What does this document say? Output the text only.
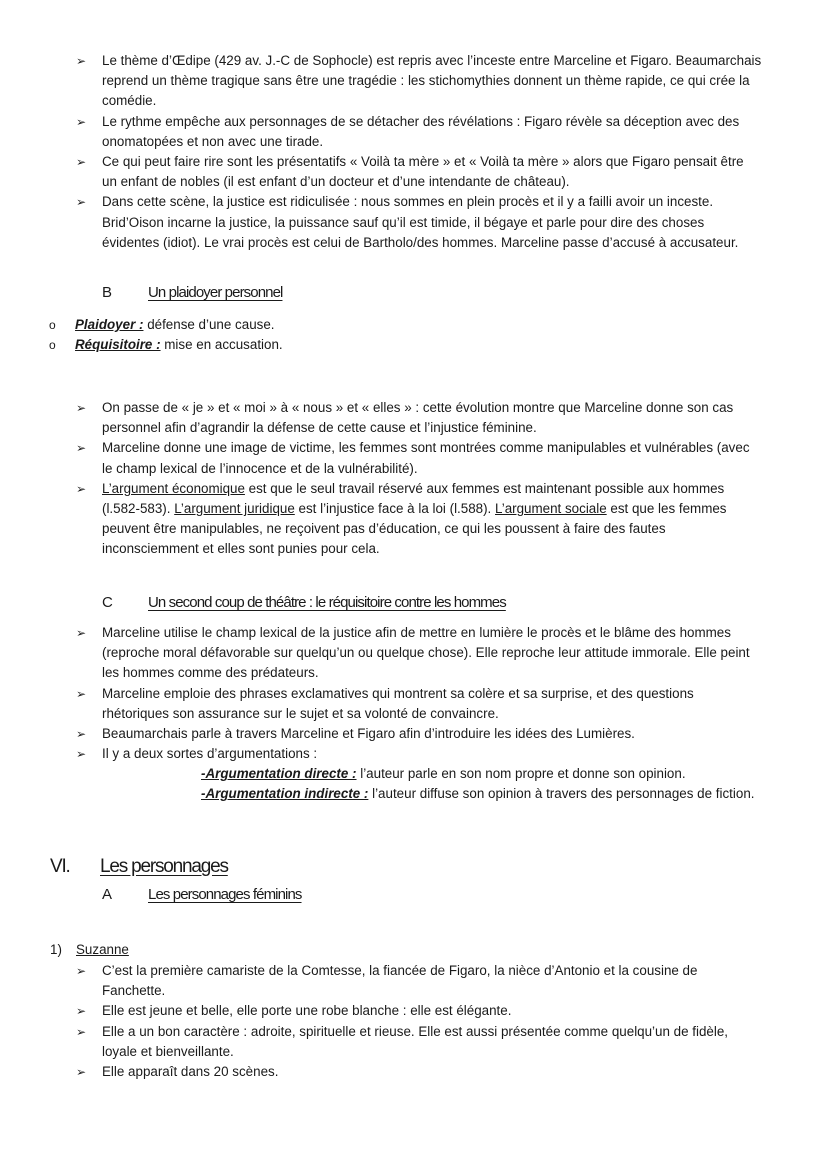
➢
Le thème d’Œdipe (429 av. J.-C de Sophocle) est repris avec l’inceste entre Marceline et Figaro. Beaumarchais reprend un thème tragique sans être une tragédie : les stichomythies donnent un thème rapide, ce qui crée la comédie.
➢
Le rythme empêche aux personnages de se détacher des révélations : Figaro révèle sa déception avec des onomatopées et non avec une tirade.
➢
Ce qui peut faire rire sont les présentatifs « Voilà ta mère » et « Voilà ta mère » alors que Figaro pensait être un enfant de nobles (il est enfant d’un docteur et d’une intendante de château).
➢
Dans cette scène, la justice est ridiculisée : nous sommes en plein procès et il y a failli avoir un inceste. Brid’Oison incarne la justice, la puissance sauf qu’il est timide, il bégaye et parle pour dire des choses évidentes (idiot). Le vrai procès est celui de Bartholo/des hommes. Marceline passe d’accusé à accusateur.
B Un plaidoyer personnel
o
Plaidoyer : défense d’une cause.
o
Réquisitoire : mise en accusation.
➢
On passe de « je » et « moi » à « nous » et « elles » : cette évolution montre que Marceline donne son cas personnel afin d’agrandir la défense de cette cause et l’injustice féminine.
➢
Marceline donne une image de victime, les femmes sont montrées comme manipulables et vulnérables (avec le champ lexical de l’innocence et de la vulnérabilité).
➢
L’argument économique est que le seul travail réservé aux femmes est maintenant possible aux hommes (l.582-583). L’argument juridique est l’injustice face à la loi (l.588). L’argument sociale est que les femmes peuvent être manipulables, ne reçoivent pas d’éducation, ce qui les poussent à faire des fautes inconsciemment et elles sont punies pour cela.
C Un second coup de théâtre : le réquisitoire contre les hommes
➢
Marceline utilise le champ lexical de la justice afin de mettre en lumière le procès et le blâme des hommes (reproche moral défavorable sur quelqu’un ou quelque chose). Elle reproche leur attitude immorale. Elle peint les hommes comme des prédateurs.
➢
Marceline emploie des phrases exclamatives qui montrent sa colère et sa surprise, et des questions rhétoriques son assurance sur le sujet et sa volonté de convaincre.
➢
Beaumarchais parle à travers Marceline et Figaro afin d’introduire les idées des Lumières.
➢
Il y a deux sortes d’argumentations :
-Argumentation directe : l’auteur parle en son nom propre et donne son opinion.
-Argumentation indirecte : l’auteur diffuse son opinion à travers des personnages de fiction.
VI. Les personnages
A Les personnages féminins
1) Suzanne
➢
C’est la première camariste de la Comtesse, la fiancée de Figaro, la nièce d’Antonio et la cousine de Fanchette.
➢
Elle est jeune et belle, elle porte une robe blanche : elle est élégante.
➢
Elle a un bon caractère : adroite, spirituelle et rieuse. Elle est aussi présentée comme quelqu’un de fidèle, loyale et bienveillante.
➢
Elle apparaît dans 20 scènes.
